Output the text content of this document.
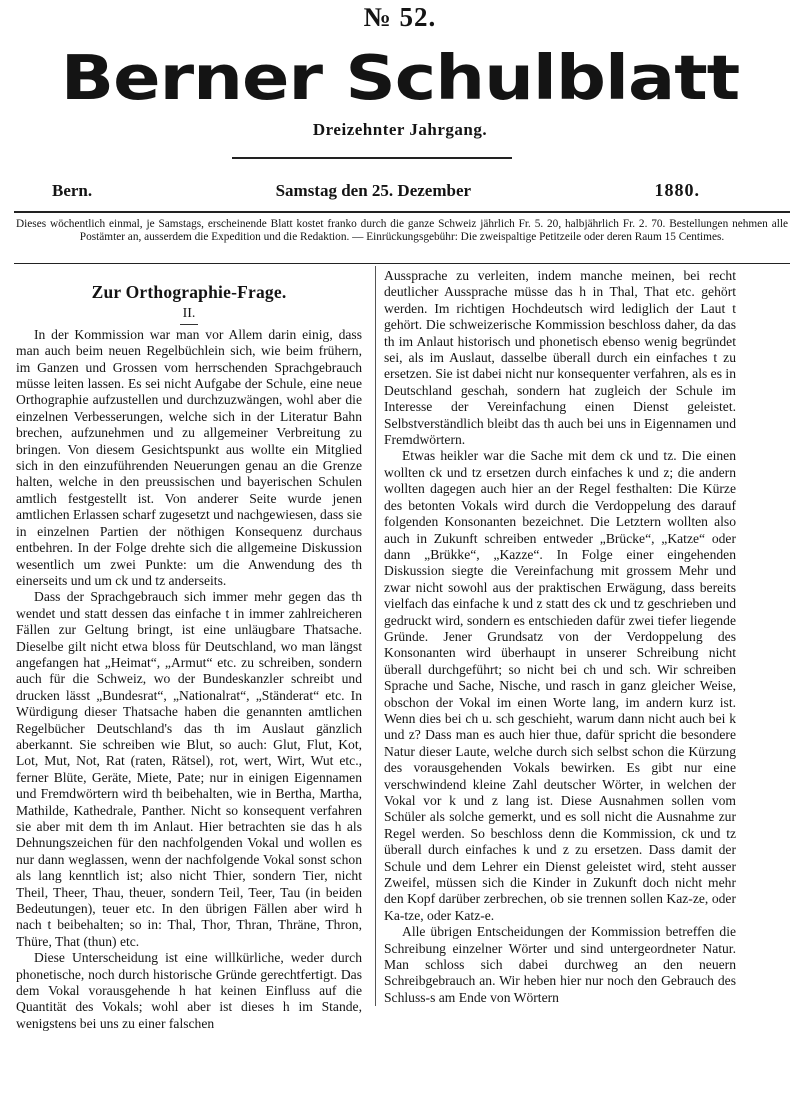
№ 52.
Berner Schulblatt
Dreizehnter Jahrgang.
Bern.	Samstag den 25. Dezember	1880.
Dieses wöchentlich einmal, je Samstags, erscheinende Blatt kostet franko durch die ganze Schweiz jährlich Fr. 5. 20, halbjährlich Fr. 2. 70. Bestellungen nehmen alle Postämter an, ausserdem die Expedition und die Redaktion. — Einrückungsgebühr: Die zweispaltige Petitzeile oder deren Raum 15 Centimes.
Zur Orthographie-Frage.
II.

In der Kommission war man vor Allem darin einig, dass man auch beim neuen Regelbüchlein sich, wie beim frühern, im Ganzen und Grossen vom herrschenden Sprachgebrauch müsse leiten lassen. Es sei nicht Aufgabe der Schule, eine neue Orthographie aufzustellen und durchzuzwängen, wohl aber die einzelnen Verbesserungen, welche sich in der Literatur Bahn brechen, aufzunehmen und zu allgemeiner Verbreitung zu bringen. Von diesem Gesichtspunkt aus wollte ein Mitglied sich in den einzuführenden Neuerungen genau an die Grenze halten, welche in den preussischen und bayerischen Schulen amtlich festgestellt ist. Von anderer Seite wurde jenen amtlichen Erlassen scharf zugesetzt und nachgewiesen, dass sie in einzelnen Partien der nöthigen Konsequenz durchaus entbehren. In der Folge drehte sich die allgemeine Diskussion wesentlich um zwei Punkte: um die Anwendung des th einerseits und um ck und tz anderseits.

Dass der Sprachgebrauch sich immer mehr gegen das th wendet und statt dessen das einfache t in immer zahlreicheren Fällen zur Geltung bringt, ist eine unläugbare Thatsache. Dieselbe gilt nicht etwa bloss für Deutschland, wo man längst angefangen hat „Heimat“, „Armut“ etc. zu schreiben, sondern auch für die Schweiz, wo der Bundeskanzler schreibt und drucken lässt „Bundesrat“, „Nationalrat“, „Ständerat“ etc. In Würdigung dieser Thatsache haben die genannten amtlichen Regelbücher Deutschland's das th im Auslaut gänzlich aberkannt. Sie schreiben wie Blut, so auch: Glut, Flut, Kot, Lot, Mut, Not, Rat (raten, Rätsel), rot, wert, Wirt, Wut etc., ferner Blüte, Geräte, Miete, Pate; nur in einigen Eigennamen und Fremdwörtern wird th beibehalten, wie in Bertha, Martha, Mathilde, Kathedrale, Panther. Nicht so konsequent verfahren sie aber mit dem th im Anlaut. Hier betrachten sie das h als Dehnungszeichen für den nachfolgenden Vokal und wollen es nur dann weglassen, wenn der nachfolgende Vokal sonst schon als lang kenntlich ist; also nicht Thier, sondern Tier, nicht Theil, Theer, Thau, theuer, sondern Teil, Teer, Tau (in beiden Bedeutungen), teuer etc. In den übrigen Fällen aber wird h nach t beibehalten; so in: Thal, Thor, Thran, Thräne, Thron, Thüre, That (thun) etc.

Diese Unterscheidung ist eine willkürliche, weder durch phonetische, noch durch historische Gründe gerechtfertigt. Das dem Vokal vorausgehende h hat keinen Einfluss auf die Quantität des Vokals; wohl aber ist dieses h im Stande, wenigstens bei uns zu einer falschen

Aussprache zu verleiten, indem manche meinen, bei recht deutlicher Aussprache müsse das h in Thal, That etc. gehört werden. Im richtigen Hochdeutsch wird lediglich der Laut t gehört. Die schweizerische Kommission beschloss daher, da das th im Anlaut historisch und phonetisch ebenso wenig begründet sei, als im Auslaut, dasselbe überall durch ein einfaches t zu ersetzen. Sie ist dabei nicht nur konsequenter verfahren, als es in Deutschland geschah, sondern hat zugleich der Schule im Interesse der Vereinfachung einen Dienst geleistet. Selbstverständlich bleibt das th auch bei uns in Eigennamen und Fremdwörtern.

Etwas heikler war die Sache mit dem ck und tz. Die einen wollten ck und tz ersetzen durch einfaches k und z; die andern wollten dagegen auch hier an der Regel festhalten: Die Kürze des betonten Vokals wird durch die Verdoppelung des darauf folgenden Konsonanten bezeichnet. Die Letztern wollten also auch in Zukunft schreiben entweder „Brücke“, „Katze“ oder dann „Brükke“, „Kazze“. In Folge einer eingehenden Diskussion siegte die Vereinfachung mit grossem Mehr und zwar nicht sowohl aus der praktischen Erwägung, dass bereits vielfach das einfache k und z statt des ck und tz geschrieben und gedruckt wird, sondern es entschieden dafür zwei tiefer liegende Gründe. Jener Grundsatz von der Verdoppelung des Konsonanten wird überhaupt in unserer Schreibung nicht überall durchgeführt; so nicht bei ch und sch. Wir schreiben Sprache und Sache, Nische, und rasch in ganz gleicher Weise, obschon der Vokal im einen Worte lang, im andern kurz ist. Wenn dies bei ch u. sch geschieht, warum dann nicht auch bei k und z? Dass man es auch hier thue, dafür spricht die besondere Natur dieser Laute, welche durch sich selbst schon die Kürzung des vorausgehenden Vokals bewirken. Es gibt nur eine verschwindend kleine Zahl deutscher Wörter, in welchen der Vokal vor k und z lang ist. Diese Ausnahmen sollen vom Schüler als solche gemerkt, und es soll nicht die Ausnahme zur Regel werden. So beschloss denn die Kommission, ck und tz überall durch einfaches k und z zu ersetzen. Dass damit der Schule und dem Lehrer ein Dienst geleistet wird, steht ausser Zweifel, müssen sich die Kinder in Zukunft doch nicht mehr den Kopf darüber zerbrechen, ob sie trennen sollen Kaz-ze, oder Ka-tze, oder Katz-e.

Alle übrigen Entscheidungen der Kommission betreffen die Schreibung einzelner Wörter und sind untergeordneter Natur. Man schloss sich dabei durchweg an den neuern Schreibgebrauch an. Wir heben hier nur noch den Gebrauch des Schluss-s am Ende von Wörtern
